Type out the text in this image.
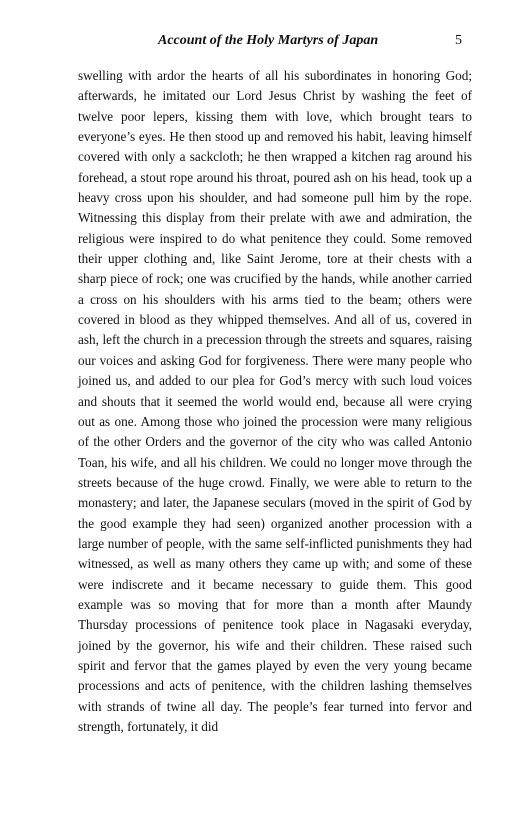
Account of the Holy Martyrs of Japan	5

swelling with ardor the hearts of all his subordinates in honoring God; afterwards, he imitated our Lord Jesus Christ by washing the feet of twelve poor lepers, kissing them with love, which brought tears to everyone’s eyes. He then stood up and removed his habit, leaving himself covered with only a sackcloth; he then wrapped a kitchen rag around his forehead, a stout rope around his throat, poured ash on his head, took up a heavy cross upon his shoulder, and had someone pull him by the rope. Witnessing this display from their prelate with awe and admiration, the religious were inspired to do what penitence they could. Some removed their upper clothing and, like Saint Jerome, tore at their chests with a sharp piece of rock; one was crucified by the hands, while another carried a cross on his shoulders with his arms tied to the beam; others were covered in blood as they whipped themselves. And all of us, covered in ash, left the church in a precession through the streets and squares, raising our voices and asking God for forgiveness. There were many people who joined us, and added to our plea for God’s mercy with such loud voices and shouts that it seemed the world would end, because all were crying out as one. Among those who joined the procession were many religious of the other Orders and the governor of the city who was called Antonio Toan, his wife, and all his children. We could no longer move through the streets because of the huge crowd. Finally, we were able to return to the monastery; and later, the Japanese seculars (moved in the spirit of God by the good example they had seen) organized another procession with a large number of people, with the same self-inflicted punishments they had witnessed, as well as many others they came up with; and some of these were indiscrete and it became necessary to guide them. This good example was so moving that for more than a month after Maundy Thursday processions of penitence took place in Nagasaki everyday, joined by the governor, his wife and their children. These raised such spirit and fervor that the games played by even the very young became processions and acts of penitence, with the children lashing themselves with strands of twine all day. The people’s fear turned into fervor and strength, fortunately, it did
